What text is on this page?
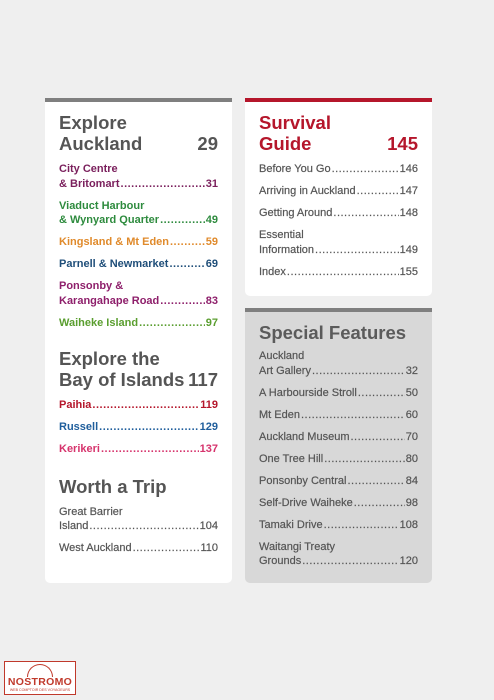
Explore
Auckland	29
City Centre
& Britomart .....	31
Viaduct Harbour
& Wynyard Quarter .....	49
Kingsland & Mt Eden .....	59
Parnell & Newmarket .....	69
Ponsonby &
Karangahape Road .....	83
Waiheke Island .....	97
Explore the
Bay of Islands 117
Paihia .....	119
Russell .....	129
Kerikeri .....	137
Worth a Trip
Great Barrier
Island .....	104
West Auckland .....	110
Survival
Guide	145
Before You Go .....	146
Arriving in Auckland .....	147
Getting Around .....	148
Essential
Information .....	149
Index .....	155
Special Features
Auckland
Art Gallery .....	32
A Harbourside Stroll .....	50
Mt Eden .....	60
Auckland Museum .....	70
One Tree Hill .....	80
Ponsonby Central .....	84
Self-Drive Waiheke .....	98
Tamaki Drive .....	108
Waitangi Treaty
Grounds .....	120
NOSTROMO
WEB COMPTOIR DES VOYAGEURS
